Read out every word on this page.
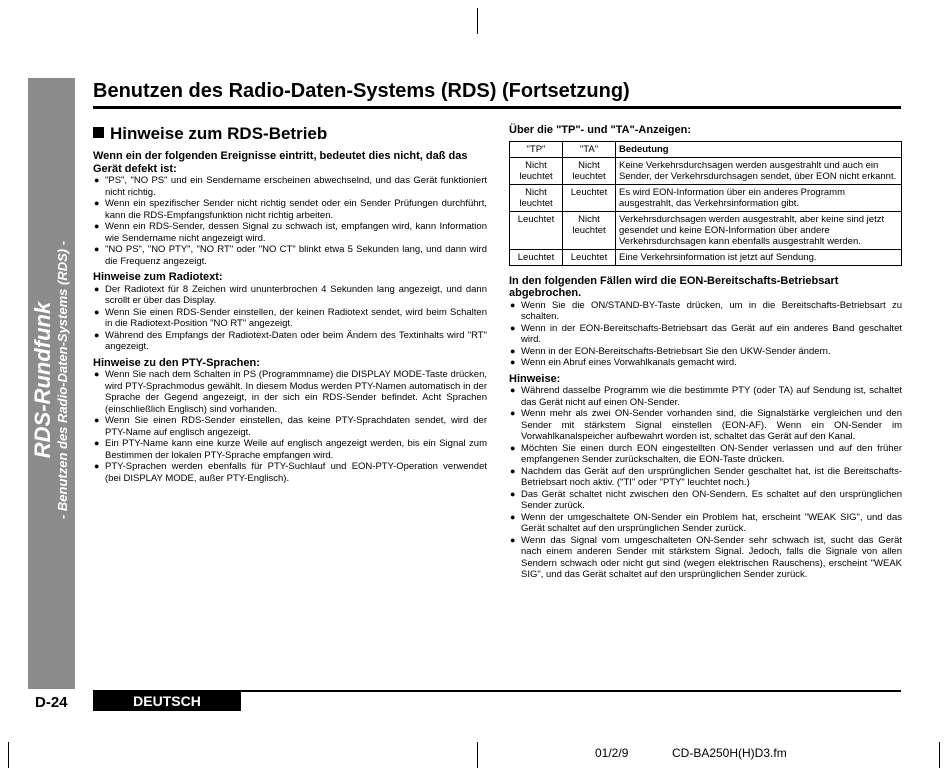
RDS-Rundfunk - Benutzen des Radio-Daten-Systems (RDS) -
Benutzen des Radio-Daten-Systems (RDS) (Fortsetzung)
Hinweise zum RDS-Betrieb
Wenn ein der folgenden Ereignisse eintritt, bedeutet dies nicht, daß das Gerät defekt ist:
● "PS", "NO PS" und ein Sendername erscheinen abwechselnd, und das Gerät funktioniert nicht richtig.
● Wenn ein spezifischer Sender nicht richtig sendet oder ein Sender Prüfungen durchführt, kann die RDS-Empfangsfunktion nicht richtig arbeiten.
● Wenn ein RDS-Sender, dessen Signal zu schwach ist, empfangen wird, kann Information wie Sendername nicht angezeigt wird.
● "NO PS", "NO PTY", "NO RT" oder "NO CT" blinkt etwa 5 Sekunden lang, und dann wird die Frequenz angezeigt.
Hinweise zum Radiotext:
● Der Radiotext für 8 Zeichen wird ununterbrochen 4 Sekunden lang angezeigt, und dann scrollt er über das Display.
● Wenn Sie einen RDS-Sender einstellen, der keinen Radiotext sendet, wird beim Schalten in die Radiotext-Position "NO RT" angezeigt.
● Während des Empfangs der Radiotext-Daten oder beim Ändern des Textinhalts wird "RT" angezeigt.
Hinweise zu den PTY-Sprachen:
● Wenn Sie nach dem Schalten in PS (Programmname) die DISPLAY MODE-Taste drücken, wird PTY-Sprachmodus gewählt. In diesem Modus werden PTY-Namen automatisch in der Sprache der Gegend angezeigt, in der sich ein RDS-Sender befindet. Acht Sprachen (einschließlich Englisch) sind vorhanden.
● Wenn Sie einen RDS-Sender einstellen, das keine PTY-Sprachdaten sendet, wird der PTY-Name auf englisch angezeigt.
● Ein PTY-Name kann eine kurze Weile auf englisch angezeigt werden, bis ein Signal zum Bestimmen der lokalen PTY-Sprache empfangen wird.
● PTY-Sprachen werden ebenfalls für PTY-Suchlauf und EON-PTY-Operation verwendet (bei DISPLAY MODE, außer PTY-Englisch).
Über die "TP"- und "TA"-Anzeigen:
"TP"	"TA"	Bedeutung
Nicht leuchtet	Nicht leuchtet	Keine Verkehrsdurchsagen werden ausgestrahlt und auch ein Sender, der Verkehrsdurchsagen sendet, über EON nicht erkannt.
Nicht leuchtet	Leuchtet	Es wird EON-Information über ein anderes Programm ausgestrahlt, das Verkehrsinformation gibt.
Leuchtet	Nicht leuchtet	Verkehrsdurchsagen werden ausgestrahlt, aber keine sind jetzt gesendet und keine EON-Information über andere Verkehrsdurchsagen kann ebenfalls ausgestrahlt werden.
Leuchtet	Leuchtet	Eine Verkehrsinformation ist jetzt auf Sendung.
In den folgenden Fällen wird die EON-Bereitschafts-Betriebsart abgebrochen.
● Wenn Sie die ON/STAND-BY-Taste drücken, um in die Bereitschafts-Betriebsart zu schalten.
● Wenn in der EON-Bereitschafts-Betriebsart das Gerät auf ein anderes Band geschaltet wird.
● Wenn in der EON-Bereitschafts-Betriebsart Sie den UKW-Sender ändern.
● Wenn ein Abruf eines Vorwahlkanals gemacht wird.
Hinweise:
● Während dasselbe Programm wie die bestimmte PTY (oder TA) auf Sendung ist, schaltet das Gerät nicht auf einen ON-Sender.
● Wenn mehr als zwei ON-Sender vorhanden sind, die Signalstärke vergleichen und den Sender mit stärkstem Signal einstellen (EON-AF). Wenn ein ON-Sender im Vorwahlkanalspeicher aufbewahrt worden ist, schaltet das Gerät auf den Kanal.
● Möchten Sie einen durch EON eingestellten ON-Sender verlassen und auf den früher empfangenen Sender zurückschalten, die EON-Taste drücken.
● Nachdem das Gerät auf den ursprünglichen Sender geschaltet hat, ist die Bereitschafts-Betriebsart noch aktiv. ("TI" oder "PTY" leuchtet noch.)
● Das Gerät schaltet nicht zwischen den ON-Sendern. Es schaltet auf den ursprünglichen Sender zurück.
● Wenn der umgeschaltete ON-Sender ein Problem hat, erscheint "WEAK SIG", und das Gerät schaltet auf den ursprünglichen Sender zurück.
● Wenn das Signal vom umgeschalteten ON-Sender sehr schwach ist, sucht das Gerät nach einem anderen Sender mit stärkstem Signal. Jedoch, falls die Signale von allen Sendern schwach oder nicht gut sind (wegen elektrischen Rauschens), erscheint "WEAK SIG", und das Gerät schaltet auf den ursprünglichen Sender zurück.
D-24	DEUTSCH
01/2/9	CD-BA250H(H)D3.fm
